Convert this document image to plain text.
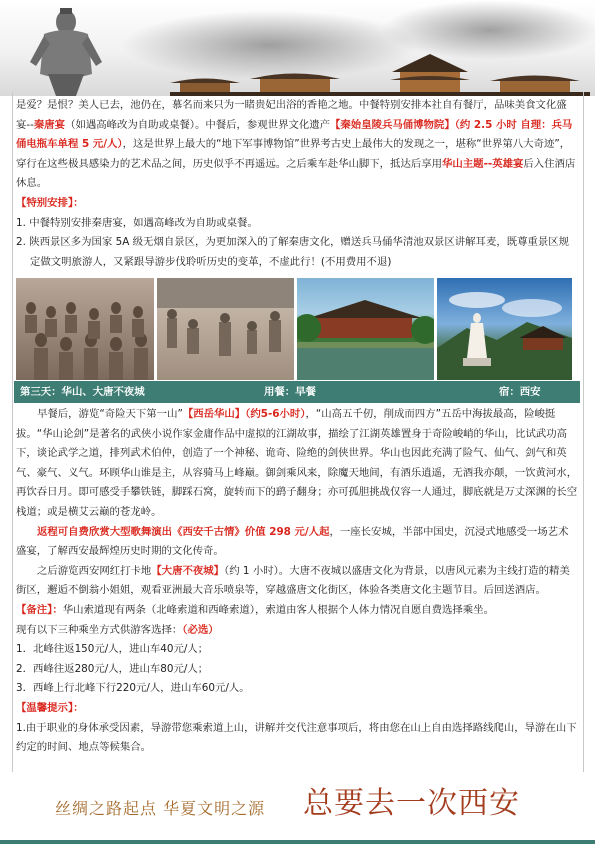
是爱？是恨？美人已去，池仍在，慕名而来只为一睹贵妃出浴的香艳之地。中餐特别安排本社自有餐厅，品味美食文化盛宴--秦唐宴（如遇高峰改为自助或桌餐）。中餐后，参观世界文化遗产【秦始皇陵兵马俑博物院】（约 2.5 小时 自理：兵马俑电瓶车单程 5 元/人），这是世界上最大的“地下军事博物馆”世界考古史上最伟大的发现之一，堪称“世界第八大奇迹”，穿行在这些极具感染力的艺术品之间，历史似乎不再遥远。之后乘车赴华山脚下，抵达后享用华山主题--英雄宴后入住酒店休息。

【特别安排】：

1. 中餐特别安排秦唐宴，如遇高峰改为自助或桌餐。

2. 陕西景区多为国家 5A 级无烟自景区，为更加深入的了解秦唐文化，赠送兵马俑华清池双景区讲解耳麦，既尊重景区规定做文明旅游人，又紧跟导游步伐聆听历史的变革，不虚此行！(不用费用不退)

第三天：华山、大唐不夜城	用餐：早餐	宿：西安

早餐后，游览“奇险天下第一山”【西岳华山】（约5-6小时），“山高五千仞，削成而四方”五岳中海拔最高，险峻挺拔。“华山论剑”是著名的武侠小说作家金庸作品中虚拟的江湖故事，描绘了江湖英雄置身于奇险峻峭的华山，比试武功高下，谈论武学之道，排列武术伯仲，创造了一个神秘、诡奇、险绝的剑侠世界。华山也因此充满了险气、仙气、剑气和英气、豪气、义气。环顾华山谁是主，从容骑马上峰巅。御剑乘风来，除魔天地间，有酒乐逍遥，无酒我亦颠，一饮黄河水，再饮吞日月。即可感受手攀铁链，脚踩石窝，旋转而下的鹞子翻身；亦可孤胆挑战仅容一人通过，脚底就是万丈深渊的长空栈道；或是横艾云巅的苍龙岭。

返程可自费欣赏大型歌舞演出《西安千古情》价值 298 元/人起，一座长安城，半部中国史，沉浸式地感受一场艺术盛宴，了解西安最辉煌历史时期的文化传奇。

之后游览西安网红打卡地【大唐不夜城】（约 1 小时）。大唐不夜城以盛唐文化为背景，以唐风元素为主线打造的精美街区，邂逅不倒翁小姐姐，观看亚洲最大音乐喷泉等，穿越盛唐文化街区，体验各类唐文化主题节目。后回送酒店。

【备注】：华山索道现有两条（北峰索道和西峰索道），索道由客人根据个人体力情况自愿自费选择乘坐。

现有以下三种乘坐方式供游客选择：（必选）

1．北峰往返150元/人，进山车40元/人；

2．西峰往返280元/人，进山车80元/人；

3．西峰上行北峰下行220元/人，进山车60元/人。

【温馨提示】：

1.由于职业的身体承受因素，导游带您乘索道上山，讲解并交代注意事项后，将由您在山上自由选择路线爬山，导游在山下约定的时间、地点等候集合。

丝绸之路起点 华夏文明之源 总要去一次西安
